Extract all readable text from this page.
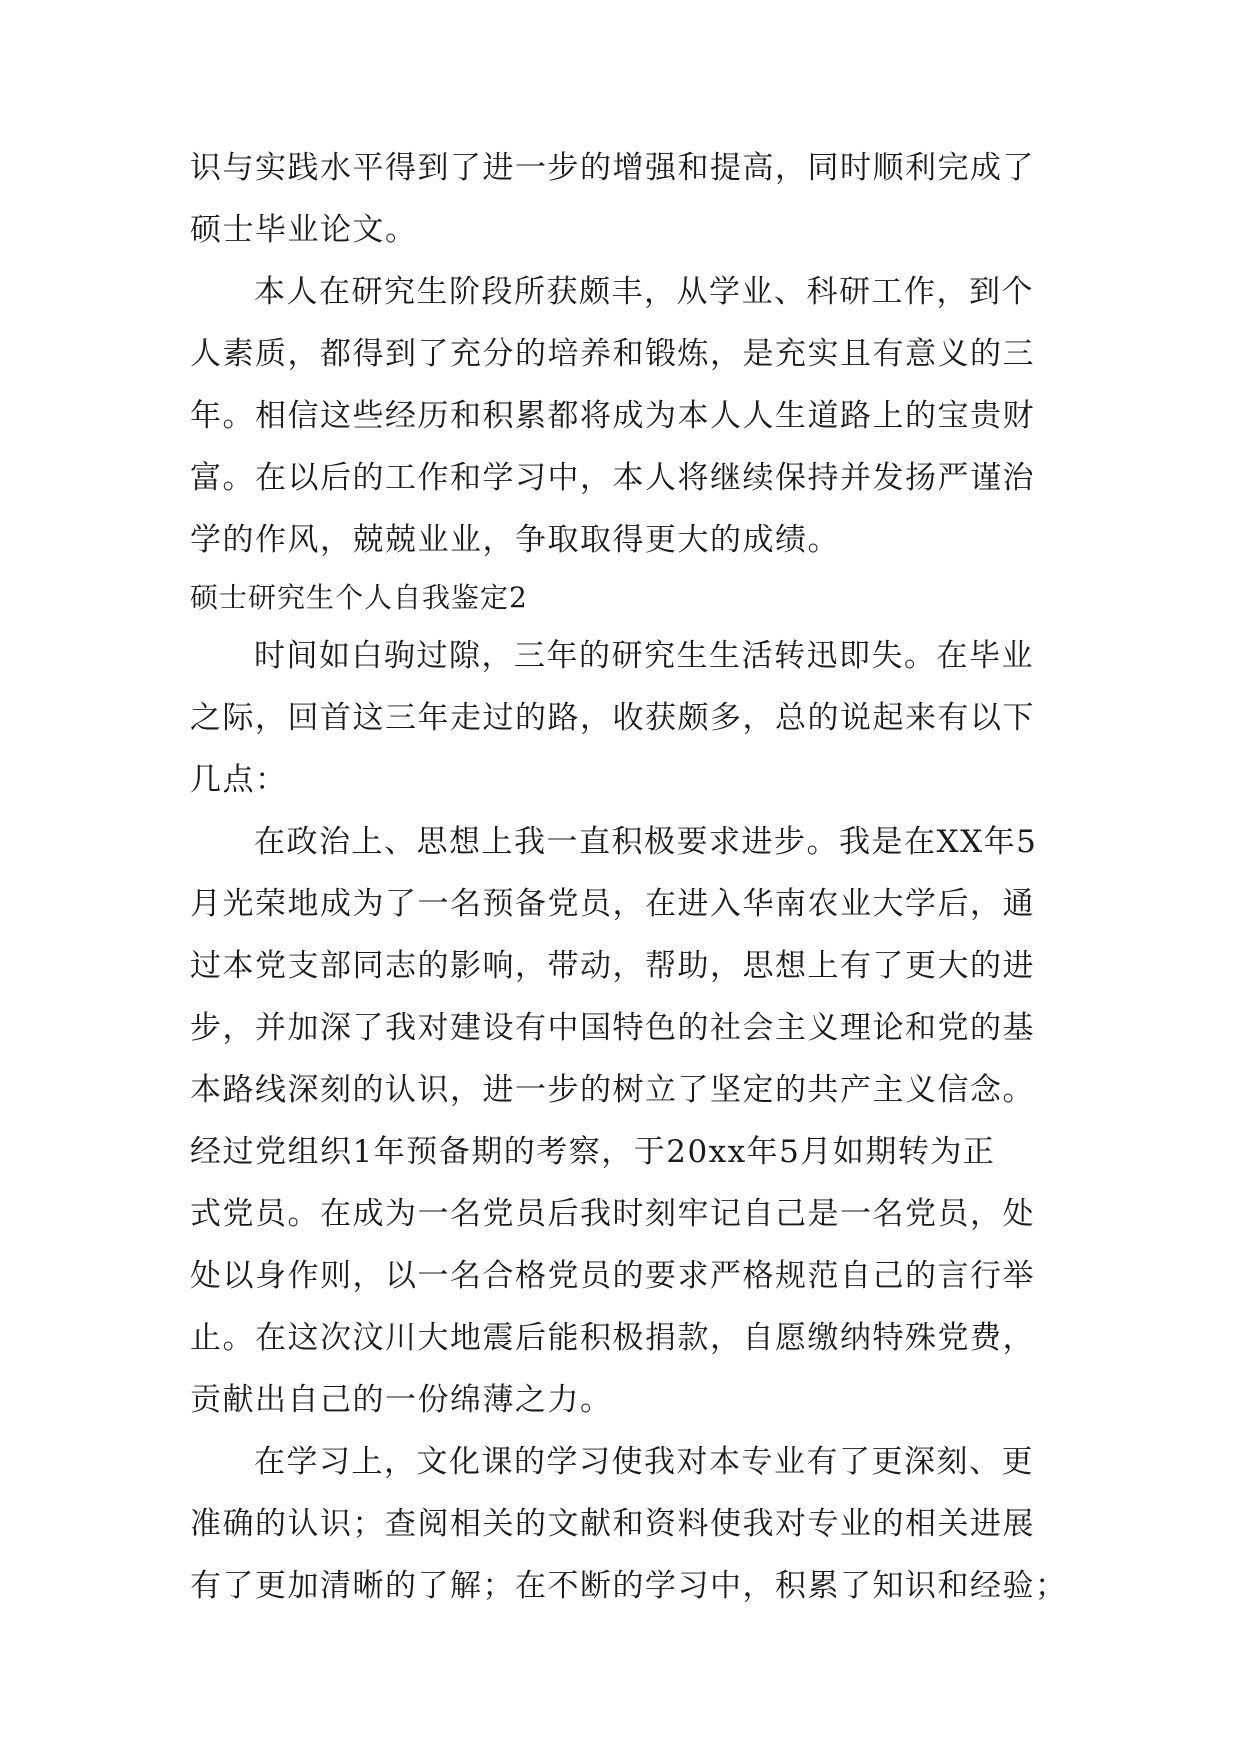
识与实践水平得到了进一步的增强和提高，同时顺利完成了
硕士毕业论文。
本人在研究生阶段所获颇丰，从学业、科研工作，到个
人素质，都得到了充分的培养和锻炼，是充实且有意义的三
年。相信这些经历和积累都将成为本人人生道路上的宝贵财
富。在以后的工作和学习中，本人将继续保持并发扬严谨治
学的作风，兢兢业业，争取取得更大的成绩。
硕士研究生个人自我鉴定2
时间如白驹过隙，三年的研究生生活转迅即失。在毕业
之际，回首这三年走过的路，收获颇多，总的说起来有以下
几点：
在政治上、思想上我一直积极要求进步。我是在XX年5
月光荣地成为了一名预备党员，在进入华南农业大学后，通
过本党支部同志的影响，带动，帮助，思想上有了更大的进
步，并加深了我对建设有中国特色的社会主义理论和党的基
本路线深刻的认识，进一步的树立了坚定的共产主义信念。
经过党组织1年预备期的考察，于20xx年5月如期转为正
式党员。在成为一名党员后我时刻牢记自己是一名党员，处
处以身作则，以一名合格党员的要求严格规范自己的言行举
止。在这次汶川大地震后能积极捐款，自愿缴纳特殊党费，
贡献出自己的一份绵薄之力。
在学习上，文化课的学习使我对本专业有了更深刻、更
准确的认识；查阅相关的文献和资料使我对专业的相关进展
有了更加清晰的了解；在不断的学习中，积累了知识和经验；
